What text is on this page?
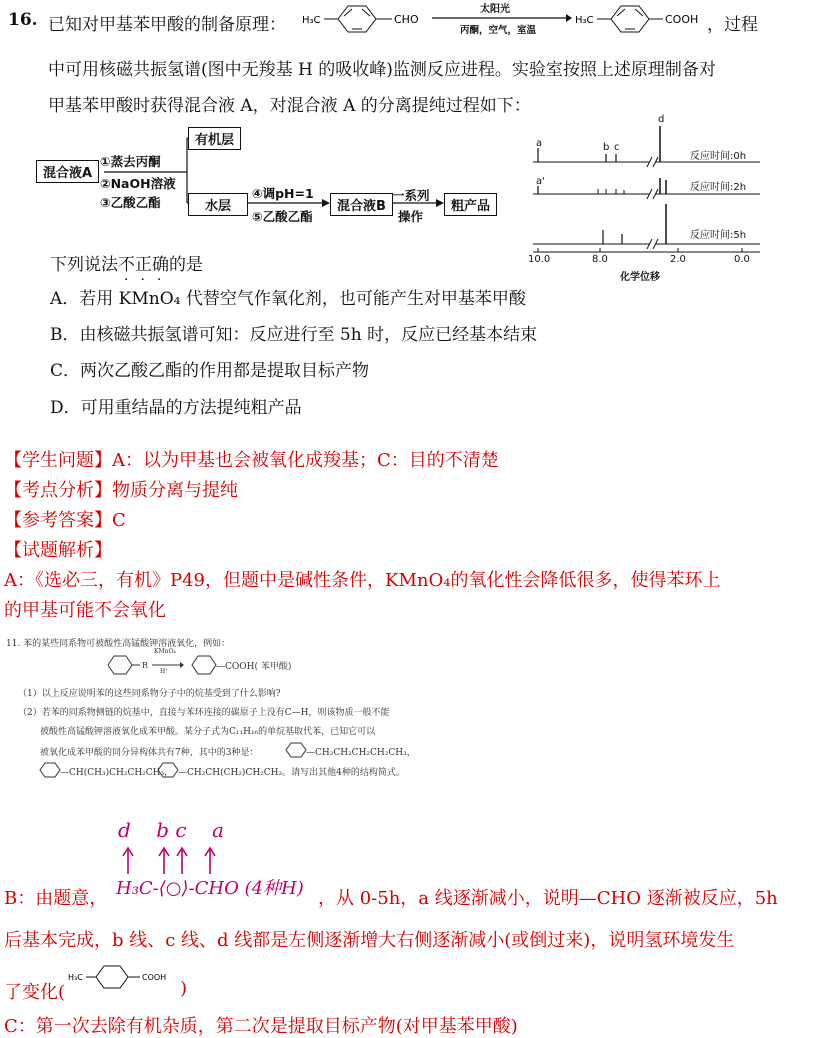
16. 已知对甲基苯甲酸的制备原理： H₃C	CHO
太阳光
丙酮，空气，室温
H₃C	COOH ，过程
中可用核磁共振氢谱(图中无羧基 H 的吸收峰)监测反应进程。实验室按照上述原理制备对
甲基苯甲酸时获得混合液 A，对混合液 A 的分离提纯过程如下：
混合液A
有机层
水层	混合液B	粗产品
①蒸去丙酮
②NaOH溶液
③乙酸乙酯
④调pH=1
⑤乙酸乙酯
一系列
操作
a
a'
b c
d
反应时间:0h
反应时间:2h
反应时间:5h
10.0	8.0	2.0	0.0
化学位移
下列说法不正确的是
···
A．若用 KMnO₄ 代替空气作氧化剂，也可能产生对甲基苯甲酸
B．由核磁共振氢谱可知：反应进行至 5h 时，反应已经基本结束
C．两次乙酸乙酯的作用都是提取目标产物
D．可用重结晶的方法提纯粗产品
【学生问题】A：以为甲基也会被氧化成羧基；C：目的不清楚
【考点分析】物质分离与提纯
【参考答案】C
【试题解析】
A：《选必三，有机》P49，但题中是碱性条件，KMnO₄的氧化性会降低很多，使得苯环上
的甲基可能不会氧化
11. 苯的某些同系物可被酸性高锰酸钾溶液氧化，例如：
R
KMnO₄
H⁺	—COOH( 苯甲酸)
（1）以上反应说明苯的这些同系物分子中的烷基受到了什么影响?
（2）若苯的同系物侧链的烷基中，直接与苯环连接的碳原子上没有C—H，则该物质一般不能
被酸性高锰酸钾溶液氧化成苯甲酸。某分子式为C₁₁H₁₆的单烷基取代苯，已知它可以
被氧化成苯甲酸的同分异构体共有7种，其中的3种是：	—CH₂CH₂CH₂CH₂CH₃，
—CH(CH₃)CH₂CH₂CH₃， —CH₂CH(CH₂)CH₂CH₃。请写出其他4种的结构简式。
d    b c    a
H₃C-⟨○⟩-CHO (4种H)
B：由题意，	，从 0-5h，a 线逐渐减小，说明—CHO 逐渐被反应，5h
后基本完成，b 线、c 线、d 线都是左侧逐渐增大右侧逐渐减小(或倒过来)，说明氢环境发生
了变化(
H₃C	COOH
)
C：第一次去除有机杂质，第二次是提取目标产物(对甲基苯甲酸)
